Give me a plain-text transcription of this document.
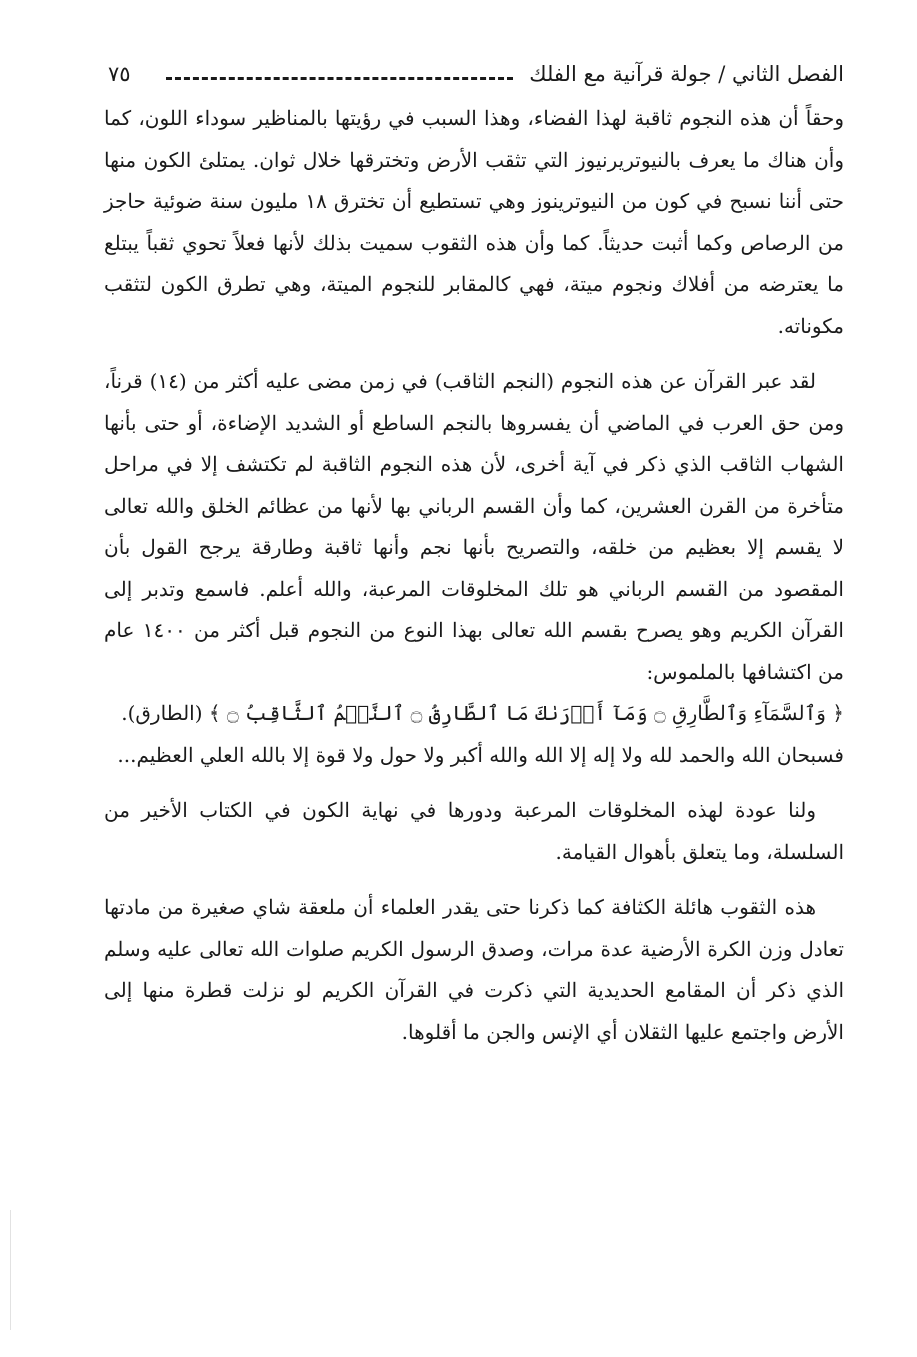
٧٥	الفصل الثاني / جولة قرآنية مع الفلك

وحقاً أن هذه النجوم ثاقبة لهذا الفضاء، وهذا السبب في رؤيتها بالمناظير سوداء اللون، كما وأن هناك ما يعرف بالنيوتريرنيوز التي تثقب الأرض وتخترقها خلال ثوان. يمتلئ الكون منها حتى أننا نسبح في كون من النيوترينوز وهي تستطيع أن تخترق ١٨ مليون سنة ضوئية حاجز من الرصاص وكما أثبت حديثاً. كما وأن هذه الثقوب سميت بذلك لأنها فعلاً تحوي ثقباً يبتلع ما يعترضه من أفلاك ونجوم ميتة، فهي كالمقابر للنجوم الميتة، وهي تطرق الكون لتثقب مكوناته.

لقد عبر القرآن عن هذه النجوم (النجم الثاقب) في زمن مضى عليه أكثر من (١٤) قرناً، ومن حق العرب في الماضي أن يفسروها بالنجم الساطع أو الشديد الإضاءة، أو حتى بأنها الشهاب الثاقب الذي ذكر في آية أخرى، لأن هذه النجوم الثاقبة لم تكتشف إلا في مراحل متأخرة من القرن العشرين، كما وأن القسم الرباني بها لأنها من عظائم الخلق والله تعالى لا يقسم إلا بعظيم من خلقه، والتصريح بأنها نجم وأنها ثاقبة وطارقة يرجح القول بأن المقصود من القسم الرباني هو تلك المخلوقات المرعبة، والله أعلم. فاسمع وتدبر إلى القرآن الكريم وهو يصرح بقسم الله تعالى بهذا النوع من النجوم قبل أكثر من ١٤٠٠ عام من اكتشافها بالملموس:

﴿ وَٱلسَّمَآءِ وَٱلطَّارِقِ ۝ وَمَآ أَدۡرَىٰكَ مَا ٱلطَّارِقُ ۝ ٱلنَّجۡمُ ٱلثَّاقِبُ ۝ ﴾ (الطارق).

فسبحان الله والحمد لله ولا إله إلا الله والله أكبر ولا حول ولا قوة إلا بالله العلي العظيم...

ولنا عودة لهذه المخلوقات المرعبة ودورها في نهاية الكون في الكتاب الأخير من السلسلة، وما يتعلق بأهوال القيامة.

هذه الثقوب هائلة الكثافة كما ذكرنا حتى يقدر العلماء أن ملعقة شاي صغيرة من مادتها تعادل وزن الكرة الأرضية عدة مرات، وصدق الرسول الكريم صلوات الله تعالى عليه وسلم الذي ذكر أن المقامع الحديدية التي ذكرت في القرآن الكريم لو نزلت قطرة منها إلى الأرض واجتمع عليها الثقلان أي الإنس والجن ما أقلوها.
